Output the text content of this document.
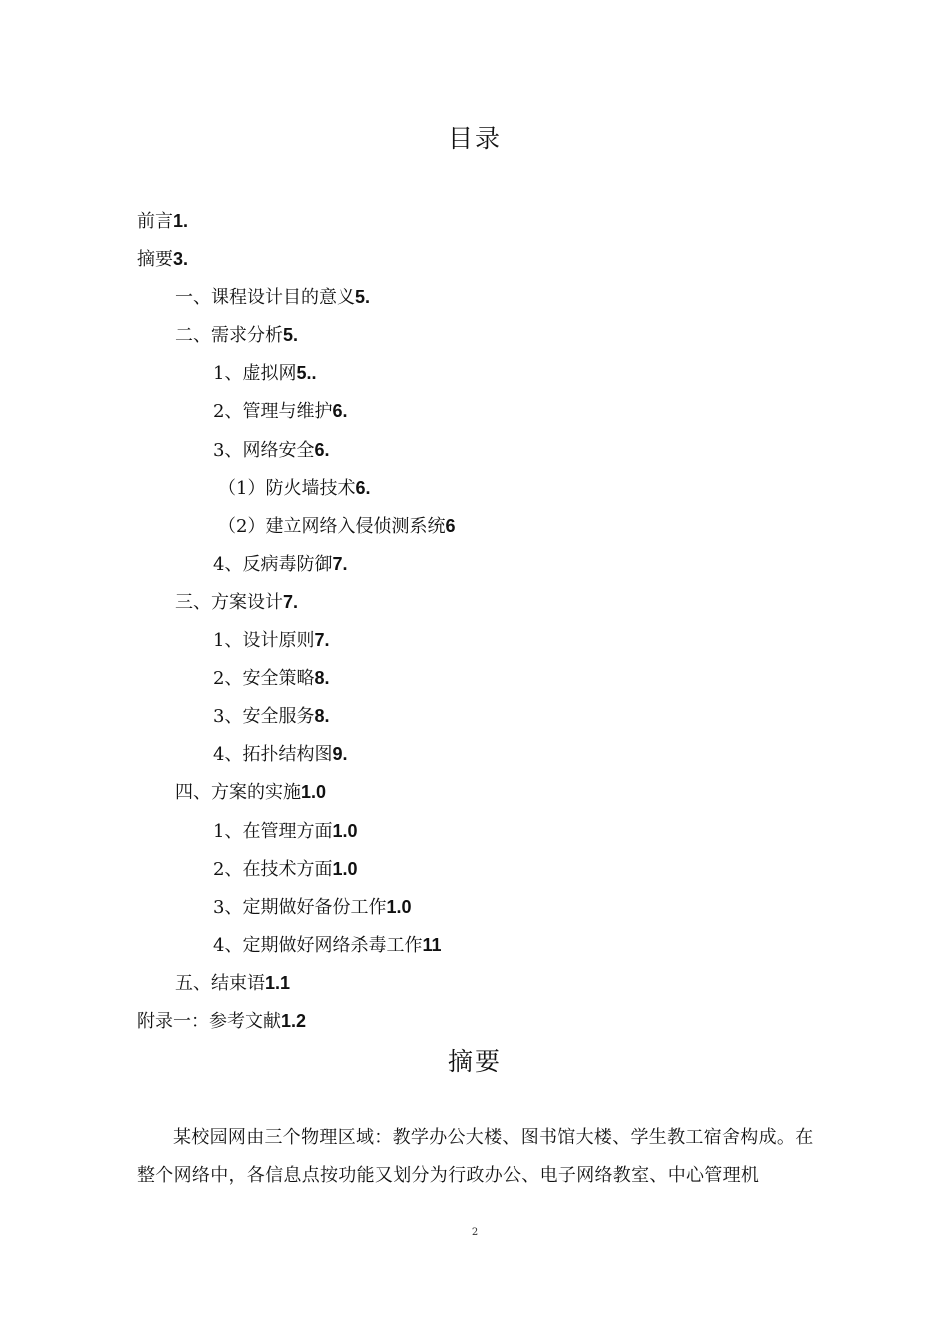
目录
前言1.
摘要3.
一、课程设计目的意义5.
二、需求分析5.
1、虚拟网5..
2、管理与维护6.
3、网络安全6.
（1）防火墙技术6.
（2）建立网络入侵侦测系统6
4、反病毒防御7.
三、方案设计7.
1、设计原则7.
2、安全策略8.
3、安全服务8.
4、拓扑结构图9.
四、方案的实施1.0
1、在管理方面1.0
2、在技术方面1.0
3、定期做好备份工作1.0
4、定期做好网络杀毒工作11
五、结束语1.1
附录一：参考文献1.2
摘要

某校园网由三个物理区域：教学办公大楼、图书馆大楼、学生教工宿舍构成。在整个网络中，各信息点按功能又划分为行政办公、电子网络教室、中心管理机

2
